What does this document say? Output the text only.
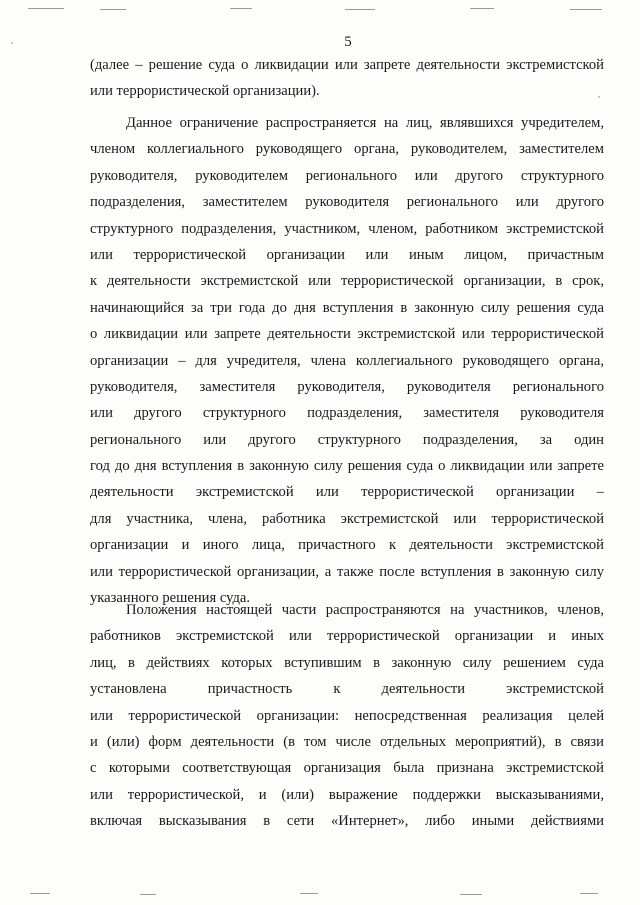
5
(далее – решение суда о ликвидации или запрете деятельности экстремистской
или террористической организации).
Данное ограничение распространяется на лиц, являвшихся учредителем,
членом коллегиального руководящего органа, руководителем, заместителем
руководителя, руководителем регионального или другого структурного
подразделения, заместителем руководителя регионального или другого
структурного подразделения, участником, членом, работником экстремистской
или террористической организации или иным лицом, причастным
к деятельности экстремистской или террористической организации, в срок,
начинающийся за три года до дня вступления в законную силу решения суда
о ликвидации или запрете деятельности экстремистской или террористической
организации – для учредителя, члена коллегиального руководящего органа,
руководителя, заместителя руководителя, руководителя регионального
или другого структурного подразделения, заместителя руководителя
регионального или другого структурного подразделения, за один
год до дня вступления в законную силу решения суда о ликвидации или запрете
деятельности экстремистской или террористической организации –
для участника, члена, работника экстремистской или террористической
организации и иного лица, причастного к деятельности экстремистской
или террористической организации, а также после вступления в законную силу
указанного решения суда.
Положения настоящей части распространяются на участников, членов,
работников экстремистской или террористической организации и иных
лиц, в действиях которых вступившим в законную силу решением суда
установлена причастность к деятельности экстремистской
или террористической организации: непосредственная реализация целей
и (или) форм деятельности (в том числе отдельных мероприятий), в связи
с которыми соответствующая организация была признана экстремистской
или террористической, и (или) выражение поддержки высказываниями,
включая высказывания в сети «Интернет», либо иными действиями
